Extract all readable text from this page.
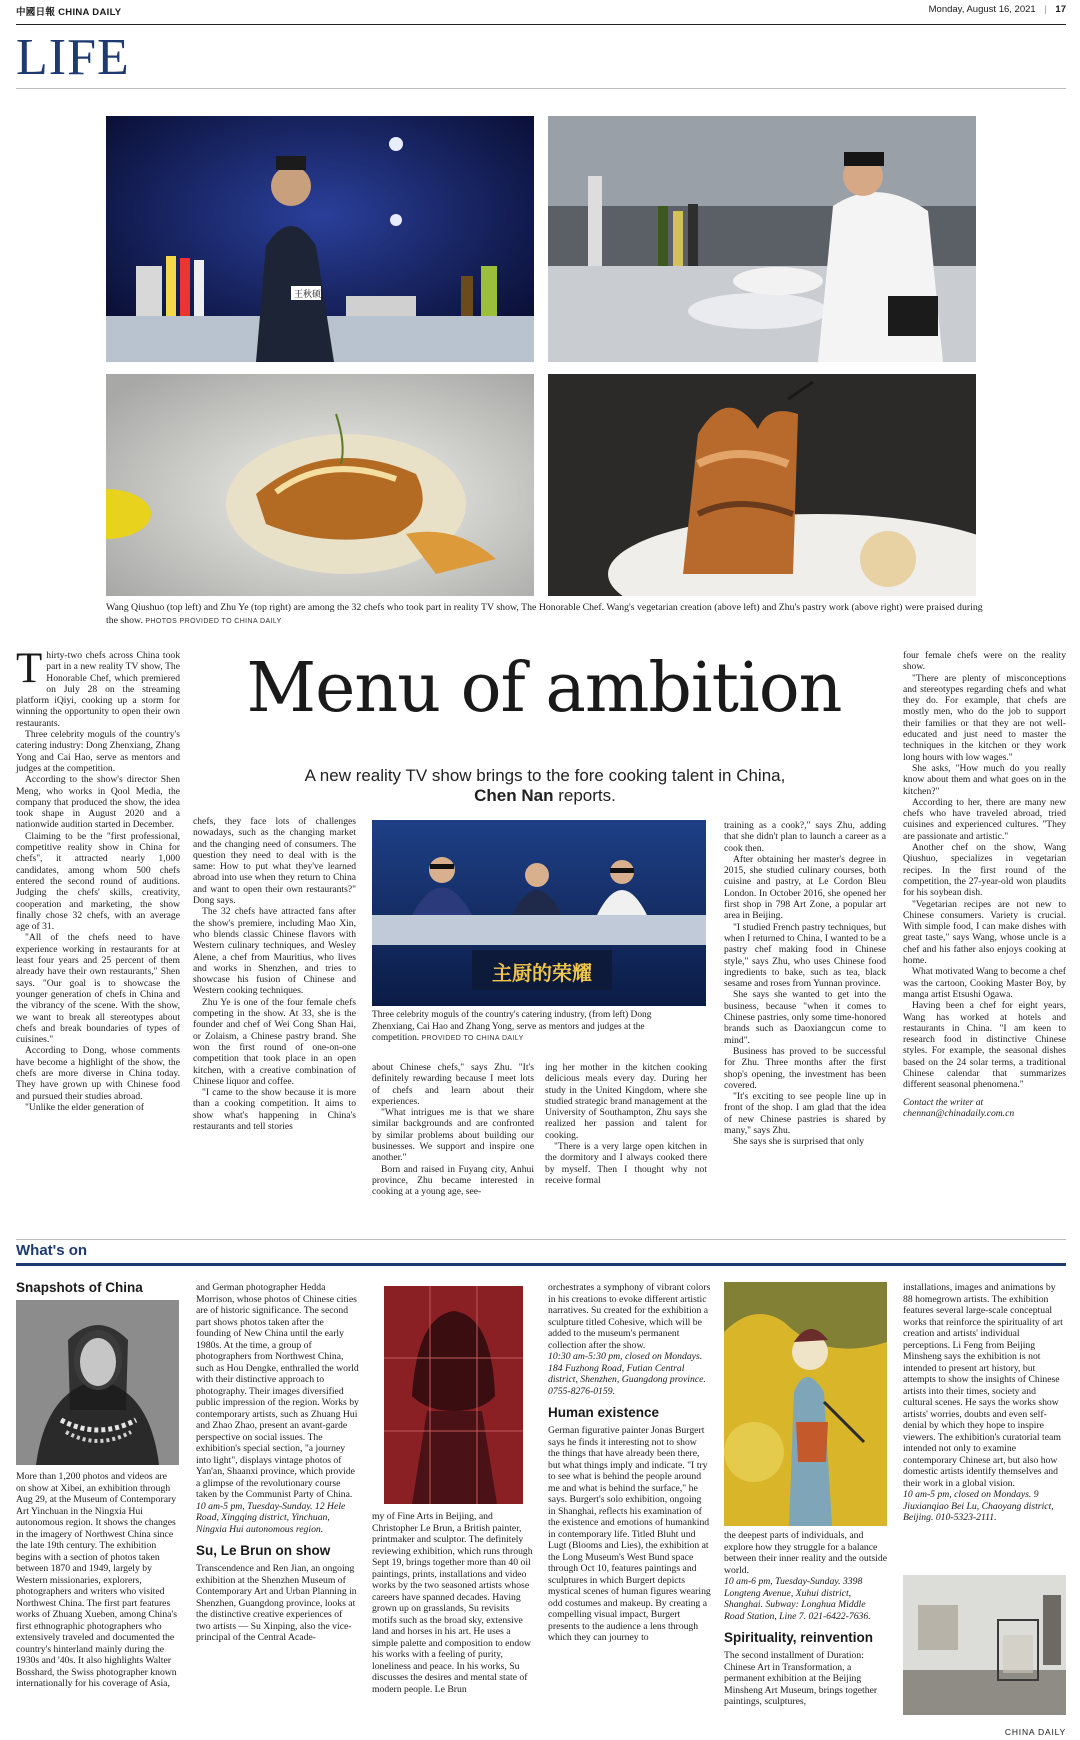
中國日報 CHINA DAILY	Monday, August 16, 2021 | 17
LIFE
王秋硕
Wang Qiushuo (top left) and Zhu Ye (top right) are among the 32 chefs who took part in reality TV show, The Honorable Chef. Wang's vegetarian creation (above left) and Zhu's pastry work (above right) were praised during the show. PHOTOS PROVIDED TO CHINA DAILY

Thirty-two chefs across China took part in a new reality TV show, The Honorable Chef, which premiered on July 28 on the streaming platform iQiyi, cooking up a storm for winning the opportunity to open their own restaurants.

Three celebrity moguls of the country's catering industry: Dong Zhenxiang, Zhang Yong and Cai Hao, serve as mentors and judges at the competition.

According to the show's director Shen Meng, who works in Qool Media, the company that produced the show, the idea took shape in August 2020 and a nationwide audition started in December.

Claiming to be the "first professional, competitive reality show in China for chefs", it attracted nearly 1,000 candidates, among whom 500 chefs entered the second round of auditions. Judging the chefs' skills, creativity, cooperation and marketing, the show finally chose 32 chefs, with an average age of 31.

"All of the chefs need to have experience working in restaurants for at least four years and 25 percent of them already have their own restaurants," Shen says. "Our goal is to showcase the younger generation of chefs in China and the vibrancy of the scene. With the show, we want to break all stereotypes about chefs and break boundaries of types of cuisines."

According to Dong, whose comments have become a highlight of the show, the chefs are more diverse in China today. They have grown up with Chinese food and pursued their studies abroad.

"Unlike the elder generation of

Menu of ambition
A new reality TV show brings to the fore cooking talent in China,
Chen Nan reports.

chefs, they face lots of challenges nowadays, such as the changing market and the changing need of consumers. The question they need to deal with is the same: How to put what they've learned abroad into use when they return to China and want to open their own restaurants?" Dong says.

The 32 chefs have attracted fans after the show's premiere, including Mao Xin, who blends classic Chinese flavors with Western culinary techniques, and Wesley Alene, a chef from Mauritius, who lives and works in Shenzhen, and tries to showcase his fusion of Chinese and Western cooking techniques.

Zhu Ye is one of the four female chefs competing in the show. At 33, she is the founder and chef of Wei Cong Shan Hai, or Zolaism, a Chinese pastry brand. She won the first round of one-on-one competition that took place in an open kitchen, with a creative combination of Chinese liquor and coffee.

"I came to the show because it is more than a cooking competition. It aims to show what's happening in China's restaurants and tell stories

主厨的荣耀
Three celebrity moguls of the country's catering industry, (from left) Dong Zhenxiang, Cai Hao and Zhang Yong, serve as mentors and judges at the competition. PROVIDED TO CHINA DAILY

about Chinese chefs," says Zhu. "It's definitely rewarding because I meet lots of chefs and learn about their experiences.

"What intrigues me is that we share similar backgrounds and are confronted by similar problems about building our businesses. We support and inspire one another."

Born and raised in Fuyang city, Anhui province, Zhu became interested in cooking at a young age, see-

ing her mother in the kitchen cooking delicious meals every day. During her study in the United Kingdom, where she studied strategic brand management at the University of Southampton, Zhu says she realized her passion and talent for cooking.

"There is a very large open kitchen in the dormitory and I always cooked there by myself. Then I thought why not receive formal

training as a cook?," says Zhu, adding that she didn't plan to launch a career as a cook then.

After obtaining her master's degree in 2015, she studied culinary courses, both cuisine and pastry, at Le Cordon Bleu London. In October 2016, she opened her first shop in 798 Art Zone, a popular art area in Beijing.

"I studied French pastry techniques, but when I returned to China, I wanted to be a pastry chef making food in Chinese style," says Zhu, who uses Chinese food ingredients to bake, such as tea, black sesame and roses from Yunnan province.

She says she wanted to get into the business, because "when it comes to Chinese pastries, only some time-honored brands such as Daoxiangcun come to mind".

Business has proved to be successful for Zhu. Three months after the first shop's opening, the investment has been covered.

"It's exciting to see people line up in front of the shop. I am glad that the idea of new Chinese pastries is shared by many," says Zhu.

She says she is surprised that only

four female chefs were on the reality show.

"There are plenty of misconceptions and stereotypes regarding chefs and what they do. For example, that chefs are mostly men, who do the job to support their families or that they are not well-educated and just need to master the techniques in the kitchen or they work long hours with low wages."

She asks, "How much do you really know about them and what goes on in the kitchen?"

According to her, there are many new chefs who have traveled abroad, tried cuisines and experienced cultures. "They are passionate and artistic."

Another chef on the show, Wang Qiushuo, specializes in vegetarian recipes. In the first round of the competition, the 27-year-old won plaudits for his soybean dish.

"Vegetarian recipes are not new to Chinese consumers. Variety is crucial. With simple food, I can make dishes with great taste," says Wang, whose uncle is a chef and his father also enjoys cooking at home.

What motivated Wang to become a chef was the cartoon, Cooking Master Boy, by manga artist Etsushi Ogawa.

Having been a chef for eight years, Wang has worked at hotels and restaurants in China. "I am keen to research food in distinctive Chinese styles. For example, the seasonal dishes based on the 24 solar terms, a traditional Chinese calendar that summarizes different seasonal phenomena."

Contact the writer at
chennan@chinadaily.com.cn

What's on
Snapshots of China

More than 1,200 photos and videos are on show at Xibei, an exhibition through Aug 29, at the Museum of Contemporary Art Yinchuan in the Ningxia Hui autonomous region. It shows the changes in the imagery of Northwest China since the late 19th century. The exhibition begins with a section of photos taken between 1870 and 1949, largely by Western missionaries, explorers, photographers and writers who visited Northwest China. The first part features works of Zhuang Xueben, among China's first ethnographic photographers who extensively traveled and documented the country's hinterland mainly during the 1930s and '40s. It also highlights Walter Bosshard, the Swiss photographer known internationally for his coverage of Asia,

and German photographer Hedda Morrison, whose photos of Chinese cities are of historic significance. The second part shows photos taken after the founding of New China until the early 1980s. At the time, a group of photographers from Northwest China, such as Hou Dengke, enthralled the world with their distinctive approach to photography. Their images diversified public impression of the region. Works by contemporary artists, such as Zhuang Hui and Zhao Zhao, present an avant-garde perspective on social issues. The exhibition's special section, "a journey into light", displays vintage photos of Yan'an, Shaanxi province, which provide a glimpse of the revolutionary course taken by the Communist Party of China.

10 am-5 pm, Tuesday-Sunday. 12 Hele Road, Xingqing district, Yinchuan, Ningxia Hui autonomous region.

Su, Le Brun on show

Transcendence and Ren Jian, an ongoing exhibition at the Shenzhen Museum of Contemporary Art and Urban Planning in Shenzhen, Guangdong province, looks at the distinctive creative experiences of two artists — Su Xinping, also the vice-principal of the Central Acade-

my of Fine Arts in Beijing, and Christopher Le Brun, a British painter, printmaker and sculptor. The definitely reviewing exhibition, which runs through Sept 19, brings together more than 40 oil paintings, prints, installations and video works by the two seasoned artists whose careers have spanned decades. Having grown up on grasslands, Su revisits motifs such as the broad sky, extensive land and horses in his art. He uses a simple palette and composition to endow his works with a feeling of purity, loneliness and peace. In his works, Su discusses the desires and mental state of modern people. Le Brun

orchestrates a symphony of vibrant colors in his creations to evoke different artistic narratives. Su created for the exhibition a sculpture titled Cohesive, which will be added to the museum's permanent collection after the show.

10:30 am-5:30 pm, closed on Mondays. 184 Fuzhong Road, Futian Central district, Shenzhen, Guangdong province. 0755-8276-0159.

Human existence

German figurative painter Jonas Burgert says he finds it interesting not to show the things that have already been there, but what things imply and indicate. "I try to see what is behind the people around me and what is behind the surface," he says. Burgert's solo exhibition, ongoing in Shanghai, reflects his examination of the existence and emotions of humankind in contemporary life. Titled Bluht und Lugt (Blooms and Lies), the exhibition at the Long Museum's West Bund space through Oct 10, features paintings and sculptures in which Burgert depicts mystical scenes of human figures wearing odd costumes and makeup. By creating a compelling visual impact, Burgert presents to the audience a lens through which they can journey to

the deepest parts of individuals, and explore how they struggle for a balance between their inner reality and the outside world.

10 am-6 pm, Tuesday-Sunday. 3398 Longteng Avenue, Xuhui district, Shanghai. Subway: Longhua Middle Road Station, Line 7. 021-6422-7636.

Spirituality, reinvention

The second installment of Duration: Chinese Art in Transformation, a permanent exhibition at the Beijing Minsheng Art Museum, brings together paintings, sculptures,

installations, images and animations by 88 homegrown artists. The exhibition features several large-scale conceptual works that reinforce the spirituality of art creation and artists' individual perceptions. Li Feng from Beijing Minsheng says the exhibition is not intended to present art history, but attempts to show the insights of Chinese artists into their times, society and cultural scenes. He says the works show artists' worries, doubts and even self-denial by which they hope to inspire viewers. The exhibition's curatorial team intended not only to examine contemporary Chinese art, but also how domestic artists identify themselves and their work in a global vision.

10 am-5 pm, closed on Mondays. 9 Jiuxianqiao Bei Lu, Chaoyang district, Beijing. 010-5323-2111.

CHINA DAILY
